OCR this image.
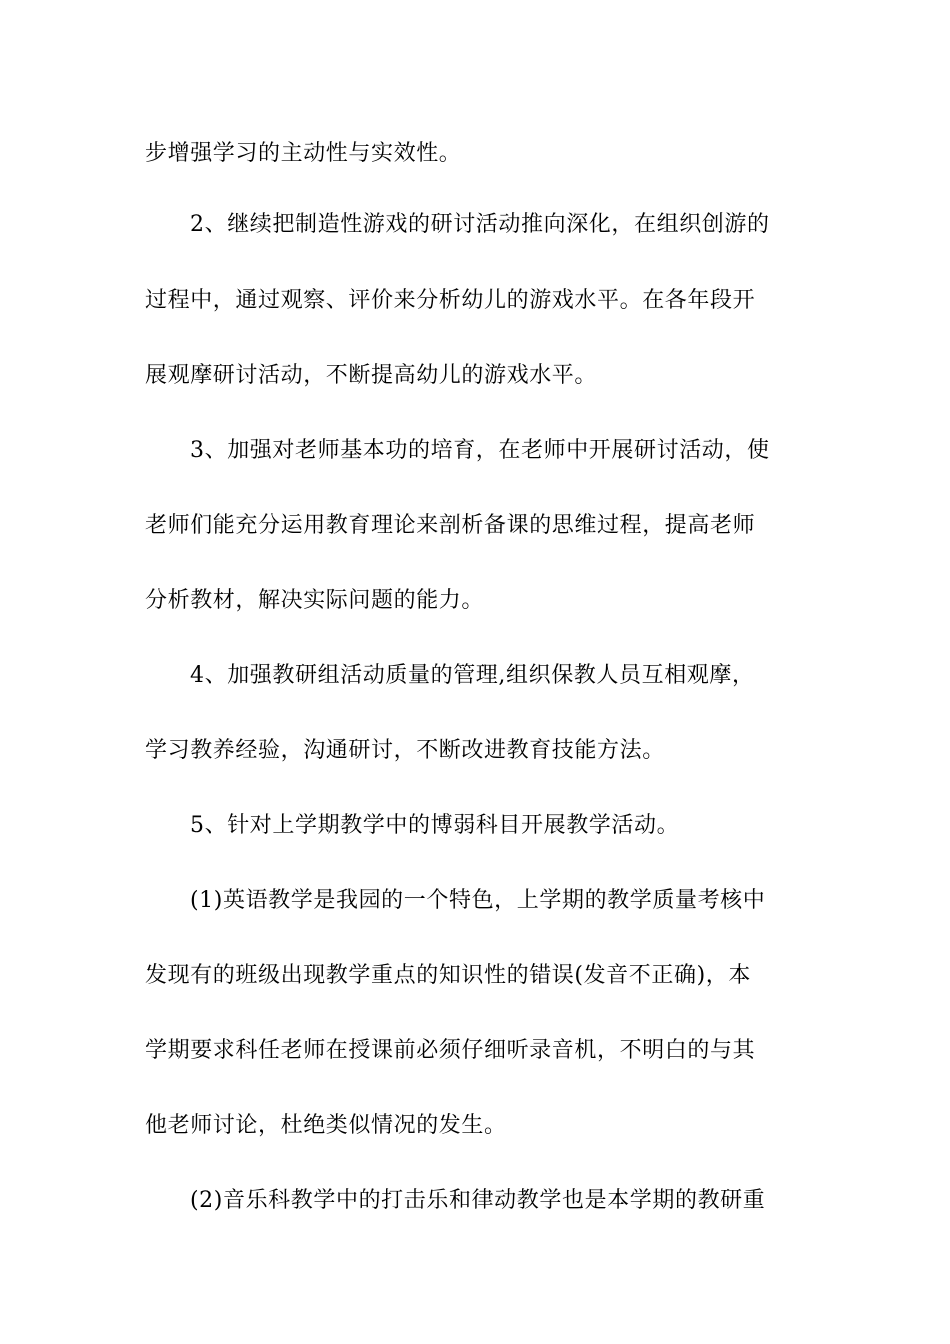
步增强学习的主动性与实效性。
2、继续把制造性游戏的研讨活动推向深化，在组织创游的
过程中，通过观察、评价来分析幼儿的游戏水平。在各年段开
展观摩研讨活动，不断提高幼儿的游戏水平。
3、加强对老师基本功的培育，在老师中开展研讨活动，使
老师们能充分运用教育理论来剖析备课的思维过程，提高老师
分析教材，解决实际问题的能力。
4、加强教研组活动质量的管理,组织保教人员互相观摩，
学习教养经验，沟通研讨，不断改进教育技能方法。
5、针对上学期教学中的博弱科目开展教学活动。
(1)英语教学是我园的一个特色，上学期的教学质量考核中
发现有的班级出现教学重点的知识性的错误(发音不正确)，本
学期要求科任老师在授课前必须仔细听录音机，不明白的与其
他老师讨论，杜绝类似情况的发生。
(2)音乐科教学中的打击乐和律动教学也是本学期的教研重
